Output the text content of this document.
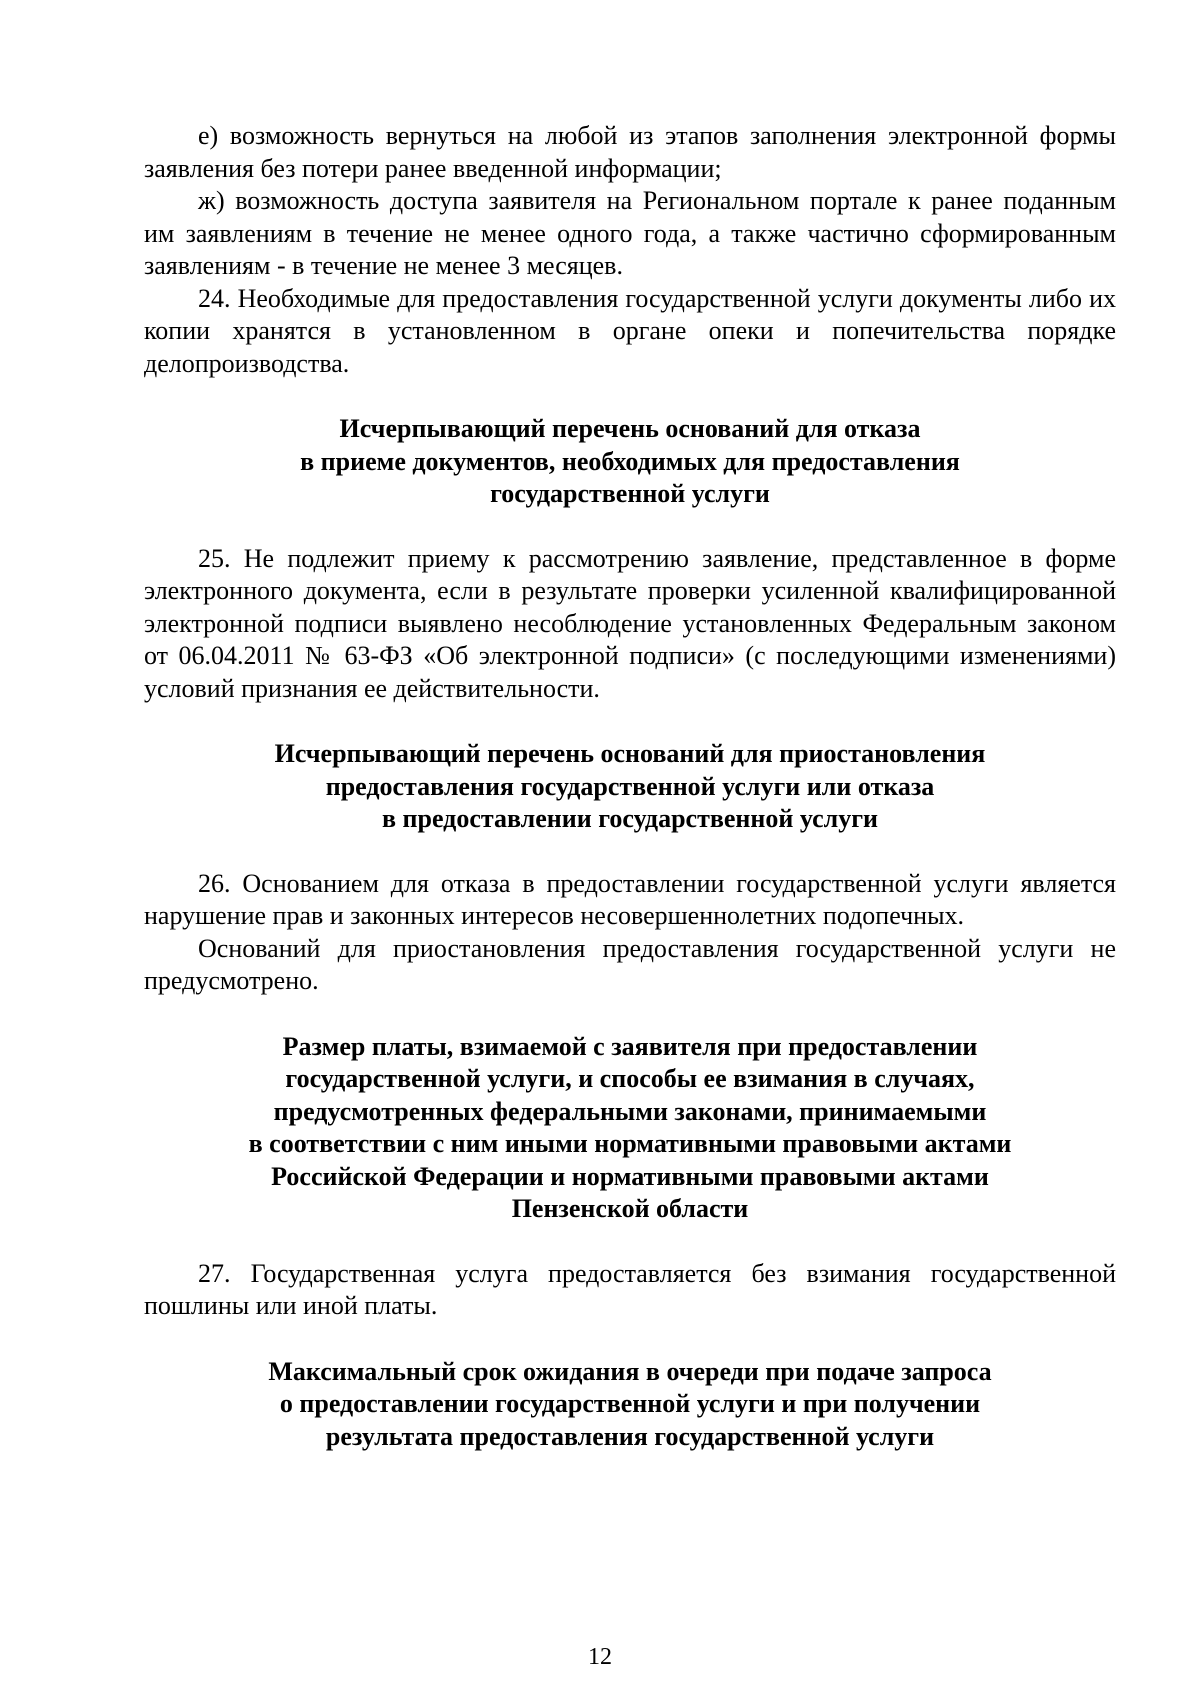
е) возможность вернуться на любой из этапов заполнения электронной формы заявления без потери ранее введенной информации;

ж) возможность доступа заявителя на Региональном портале к ранее поданным им заявлениям в течение не менее одного года, а также частично сформированным заявлениям - в течение не менее 3 месяцев.

24. Необходимые для предоставления государственной услуги документы либо их копии хранятся в установленном в органе опеки и попечительства порядке делопроизводства.

Исчерпывающий перечень оснований для отказа
в приеме документов, необходимых для предоставления
государственной услуги

25. Не подлежит приему к рассмотрению заявление, представленное в форме электронного документа, если в результате проверки усиленной квалифицированной электронной подписи выявлено несоблюдение установленных Федеральным законом от 06.04.2011 № 63-ФЗ «Об электронной подписи» (с последующими изменениями) условий признания ее действительности.

Исчерпывающий перечень оснований для приостановления
предоставления государственной услуги или отказа
в предоставлении государственной услуги

26. Основанием для отказа в предоставлении государственной услуги является нарушение прав и законных интересов несовершеннолетних подопечных.

Оснований для приостановления предоставления государственной услуги не предусмотрено.

Размер платы, взимаемой с заявителя при предоставлении
государственной услуги, и способы ее взимания в случаях,
предусмотренных федеральными законами, принимаемыми
в соответствии с ним иными нормативными правовыми актами
Российской Федерации и нормативными правовыми актами
Пензенской области

27. Государственная услуга предоставляется без взимания государственной пошлины или иной платы.

Максимальный срок ожидания в очереди при подаче запроса
о предоставлении государственной услуги и при получении
результата предоставления государственной услуги
12
